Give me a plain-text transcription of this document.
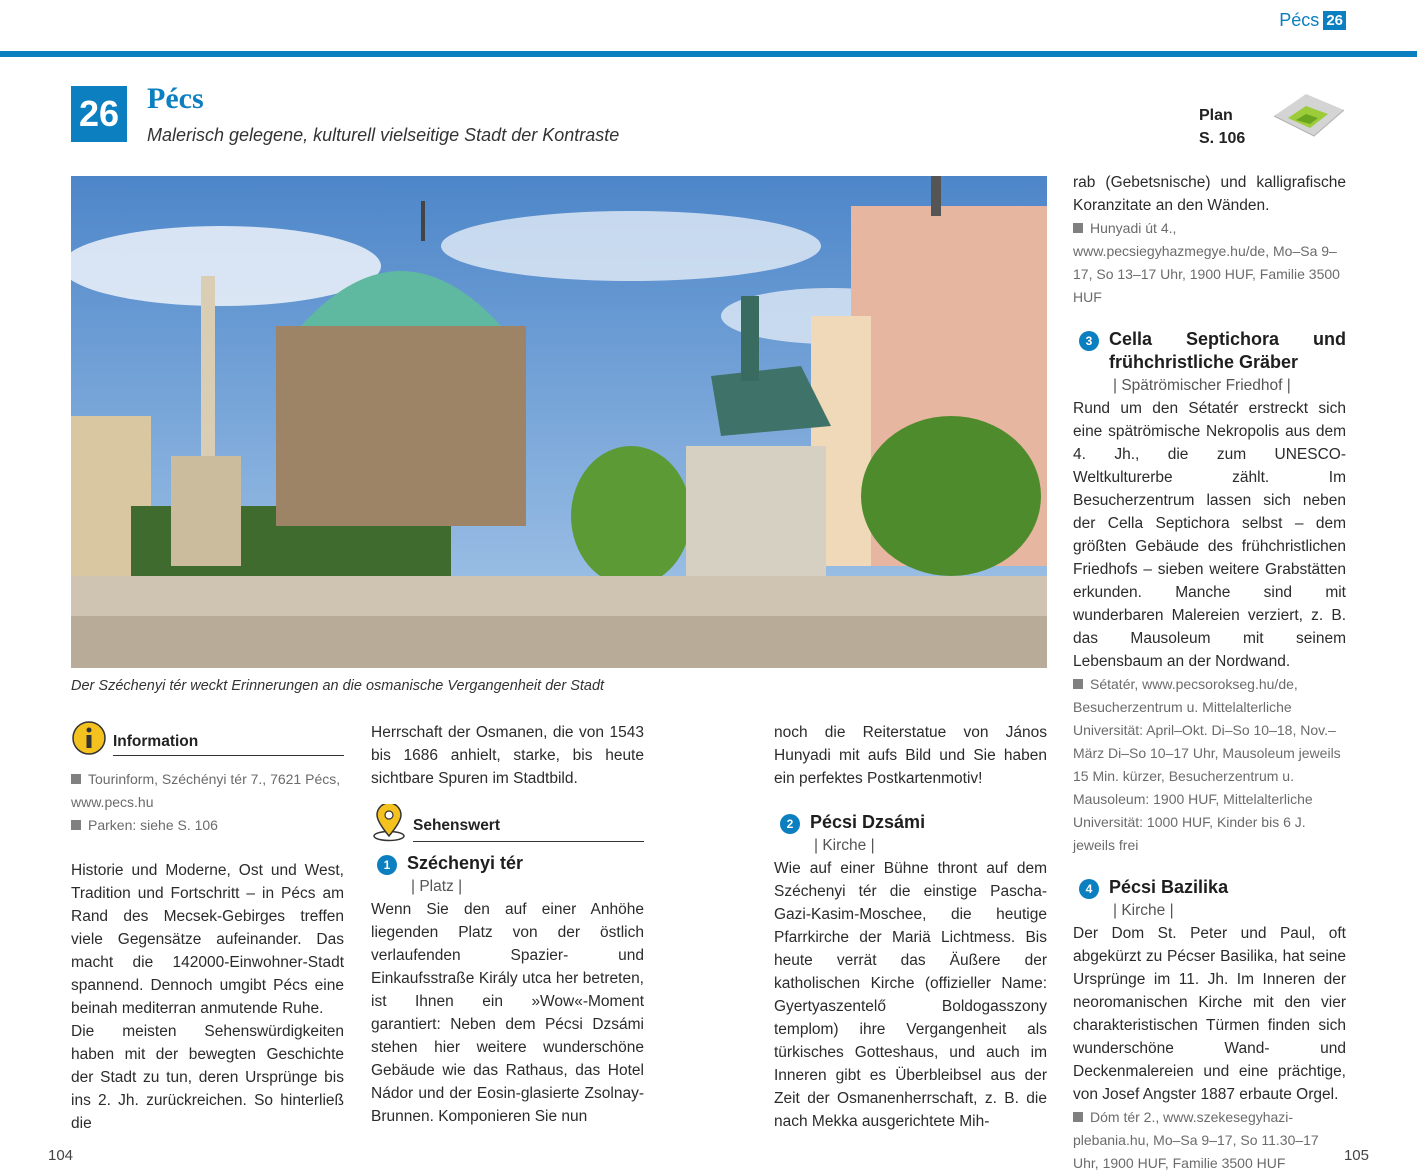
Pécs 26
26 Pécs
Malerisch gelegene, kulturell vielseitige Stadt der Kontraste
Plan
S. 106
Der Széchenyi tér weckt Erinnerungen an die osmanische Vergangenheit der Stadt
Information
Tourinform, Széchényi tér 7., 7621 Pécs, www.pecs.hu
Parken: siehe S. 106

Historie und Moderne, Ost und West, Tradition und Fortschritt – in Pécs am Rand des Mecsek-Gebirges treffen viele Gegensätze aufeinander. Das macht die 142000-Einwohner-Stadt spannend. Dennoch umgibt Pécs eine beinah mediterran anmutende Ruhe.

Die meisten Sehenswürdigkeiten haben mit der bewegten Geschichte der Stadt zu tun, deren Ursprünge bis ins 2. Jh. zurückreichen. So hinterließ die

Herrschaft der Osmanen, die von 1543 bis 1686 anhielt, starke, bis heute sichtbare Spuren im Stadtbild.

Sehenswert
1 Széchenyi tér
| Platz |

Wenn Sie den auf einer Anhöhe liegenden Platz von der östlich verlaufenden Spazier- und Einkaufsstraße Király utca her betreten, ist Ihnen ein »Wow«-Moment garantiert: Neben dem Pécsi Dzsámi stehen hier weitere wunderschöne Gebäude wie das Rathaus, das Hotel Nádor und der Eosin-glasierte Zsolnay-Brunnen. Komponieren Sie nun

noch die Reiterstatue von János Hunyadi mit aufs Bild und Sie haben ein perfektes Postkartenmotiv!

2 Pécsi Dzsámi
| Kirche |

Wie auf einer Bühne thront auf dem Széchenyi tér die einstige Pascha-Gazi-Kasim-Moschee, die heutige Pfarrkirche der Mariä Lichtmess. Bis heute verrät das Äußere der katholischen Kirche (offizieller Name: Gyertyaszentelő Boldogasszony templom) ihre Vergangenheit als türkisches Gotteshaus, und auch im Inneren gibt es Überbleibsel aus der Zeit der Osmanenherrschaft, z. B. die nach Mekka ausgerichtete Mih-

rab (Gebetsnische) und kalligrafische Koranzitate an den Wänden.

Hunyadi út 4., www.pecsiegyhazmegye.hu/de, Mo–Sa 9–17, So 13–17 Uhr, 1900 HUF, Familie 3500 HUF
3 Cella Septichora und frühchristliche Gräber
| Spätrömischer Friedhof |

Rund um den Sétatér erstreckt sich eine spätrömische Nekropolis aus dem 4. Jh., die zum UNESCO-Weltkulturerbe zählt. Im Besucherzentrum lassen sich neben der Cella Septichora selbst – dem größten Gebäude des frühchristlichen Friedhofs – sieben weitere Grabstätten erkunden. Manche sind mit wunderbaren Malereien verziert, z. B. das Mausoleum mit seinem Lebensbaum an der Nordwand.

Sétatér, www.pecsorokseg.hu/de, Besucherzentrum u. Mittelalterliche Universität: April–Okt. Di–So 10–18, Nov.–März Di–So 10–17 Uhr, Mausoleum jeweils 15 Min. kürzer, Besucherzentrum u. Mausoleum: 1900 HUF, Mittelalterliche Universität: 1000 HUF, Kinder bis 6 J. jeweils frei
4 Pécsi Bazilika
| Kirche |

Der Dom St. Peter und Paul, oft abgekürzt zu Pécser Basilika, hat seine Ursprünge im 11. Jh. Im Inneren der neoromanischen Kirche mit den vier charakteristischen Türmen finden sich wunderschöne Wand- und Deckenmalereien und eine prächtige, von Josef Angster 1887 erbaute Orgel.

Dóm tér 2., www.szekesegyhazi-plebania.hu, Mo–Sa 9–17, So 11.30–17 Uhr, 1900 HUF, Familie 3500 HUF
104	105
